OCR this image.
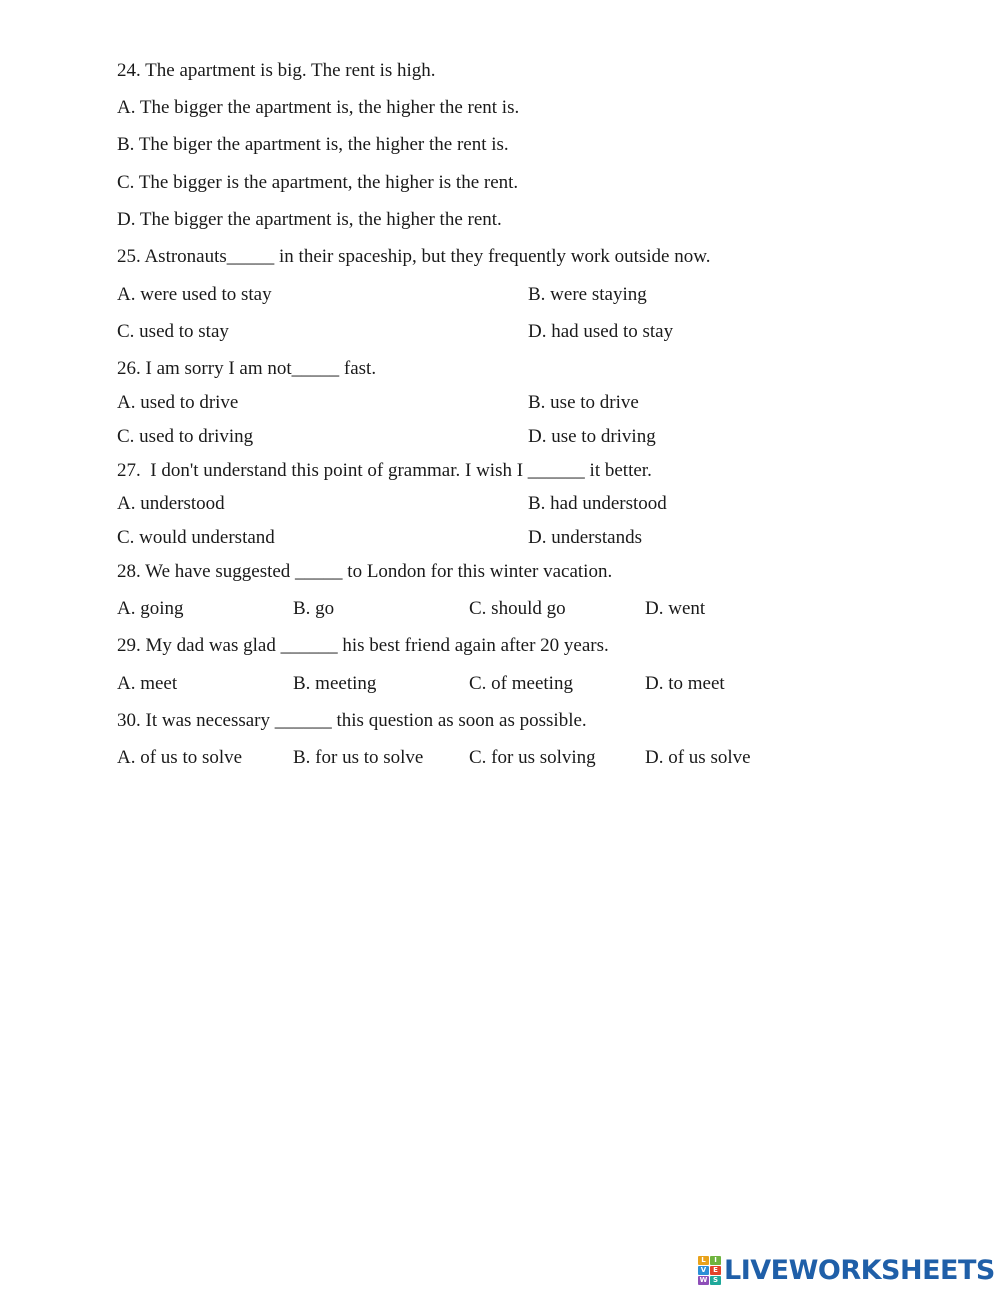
24. The apartment is big. The rent is high.
A. The bigger the apartment is, the higher the rent is.
B. The biger the apartment is, the higher the rent is.
C. The bigger is the apartment, the higher is the rent.
D. The bigger the apartment is, the higher the rent.
25. Astronauts_____ in their spaceship, but they frequently work outside now.
A. were used to stay	B. were staying
C. used to stay	D. had used to stay
26. I am sorry I am not_____ fast.
A. used to drive	B. use to drive
C. used to driving	D. use to driving
27.  I don't understand this point of grammar. I wish I ______ it better.
A. understood	B. had understood
C. would understand	D. understands
28. We have suggested _____ to London for this winter vacation.
A. going	B. go	C. should go	D. went
29. My dad was glad ______ his best friend again after 20 years.
A. meet	B. meeting	C. of meeting	D. to meet
30. It was necessary ______ this question as soon as possible.
A. of us to solve	B. for us to solve C. for us solving	D. of us solve
L	I
V E
W S LIVEWORKSHEETS
